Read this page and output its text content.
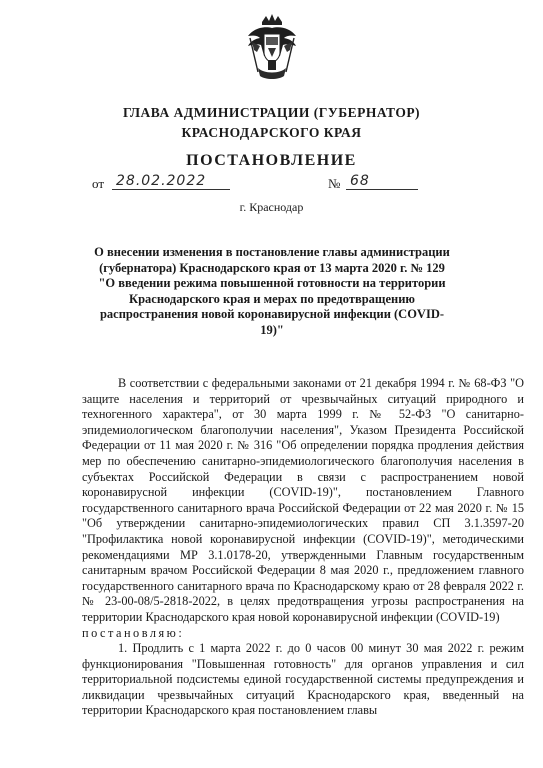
ГЛАВА АДМИНИСТРАЦИИ (ГУБЕРНАТОР)
КРАСНОДАРСКОГО КРАЯ
ПОСТАНОВЛЕНИЕ
от 28.02.2022	№ 68
г. Краснодар
О внесении изменения в постановление главы администрации (губернатора) Краснодарского края от 13 марта 2020 г. № 129 "О введении режима повышенной готовности на территории Краснодарского края и мерах по предотвращению распространения новой коронавирусной инфекции (COVID-19)"

В соответствии с федеральными законами от 21 декабря 1994 г. № 68-ФЗ "О защите населения и территорий от чрезвычайных ситуаций природного и техногенного характера", от 30 марта 1999 г. № 52-ФЗ "О санитарно-эпидемиологическом благополучии населения", Указом Президента Российской Федерации от 11 мая 2020 г. № 316 "Об определении порядка продления действия мер по обеспечению санитарно-эпидемиологического благополучия населения в субъектах Российской Федерации в связи с распространением новой коронавирусной инфекции (COVID-19)", постановлением Главного государственного санитарного врача Российской Федерации от 22 мая 2020 г. № 15 "Об утверждении санитарно-эпидемиологических правил СП 3.1.3597-20 "Профилактика новой коронавирусной инфекции (COVID-19)", методическими рекомендациями МР 3.1.0178-20, утвержденными Главным государственным санитарным врачом Российской Федерации 8 мая 2020 г., предложением главного государственного санитарного врача по Краснодарскому краю от 28 февраля 2022 г. № 23-00-08/5-2818-2022, в целях предотвращения угрозы распространения на территории Краснодарского края новой коронавирусной инфекции (COVID-19)

постановляю:

1. Продлить с 1 марта 2022 г. до 0 часов 00 минут 30 мая 2022 г. режим функционирования "Повышенная готовность" для органов управления и сил территориальной подсистемы единой государственной системы предупреждения и ликвидации чрезвычайных ситуаций Краснодарского края, введенный на территории Краснодарского края постановлением главы
